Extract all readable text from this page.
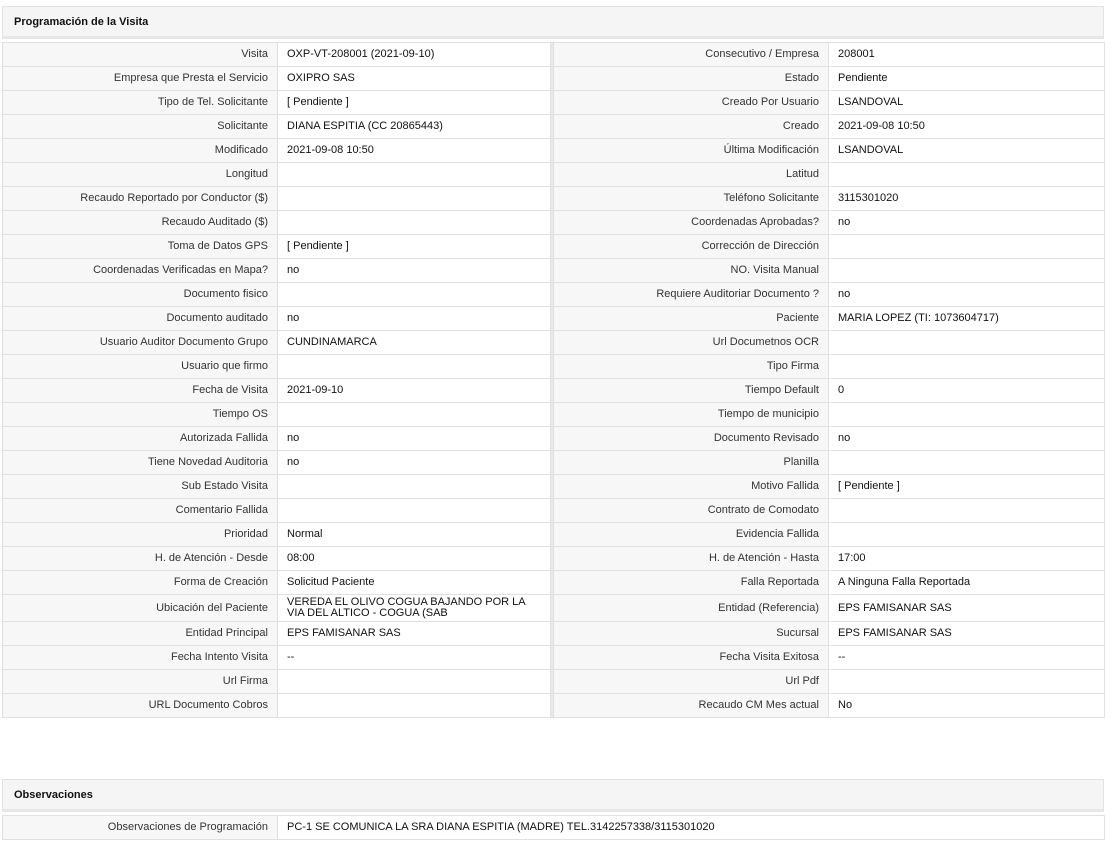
Programación de la Visita
Visita	OXP-VT-208001 (2021-09-10)		Consecutivo / Empresa	208001
Empresa que Presta el Servicio	OXIPRO SAS		Estado	Pendiente
Tipo de Tel. Solicitante	[ Pendiente ]		Creado Por Usuario	LSANDOVAL
Solicitante	DIANA ESPITIA (CC 20865443)		Creado	2021-09-08 10:50
Modificado	2021-09-08 10:50		Última Modificación	LSANDOVAL
Longitud			Latitud	
Recaudo Reportado por Conductor ($)			Teléfono Solicitante	3115301020
Recaudo Auditado ($)			Coordenadas Aprobadas?	no
Toma de Datos GPS	[ Pendiente ]		Corrección de Dirección	
Coordenadas Verificadas en Mapa?	no		NO. Visita Manual	
Documento fisico			Requiere Auditoriar Documento ?	no
Documento auditado	no		Paciente	MARIA LOPEZ (TI: 1073604717)
Usuario Auditor Documento Grupo	CUNDINAMARCA		Url Documetnos OCR	
Usuario que firmo			Tipo Firma	
Fecha de Visita	2021-09-10		Tiempo Default	0
Tiempo OS			Tiempo de municipio	
Autorizada Fallida	no		Documento Revisado	no
Tiene Novedad Auditoria	no		Planilla	
Sub Estado Visita			Motivo Fallida	[ Pendiente ]
Comentario Fallida			Contrato de Comodato	
Prioridad	Normal		Evidencia Fallida	
H. de Atención - Desde	08:00		H. de Atención - Hasta	17:00
Forma de Creación	Solicitud Paciente		Falla Reportada	A Ninguna Falla Reportada
Ubicación del Paciente	VEREDA EL OLIVO COGUA BAJANDO POR LA VIA DEL ALTICO - COGUA (SAB		Entidad (Referencia)	EPS FAMISANAR SAS
Entidad Principal	EPS FAMISANAR SAS		Sucursal	EPS FAMISANAR SAS
Fecha Intento Visita	--		Fecha Visita Exitosa	--
Url Firma			Url Pdf	
URL Documento Cobros			Recaudo CM Mes actual	No
Observaciones
Observaciones de Programación	PC-1 SE COMUNICA LA SRA DIANA ESPITIA (MADRE) TEL.3142257338/3115301020
